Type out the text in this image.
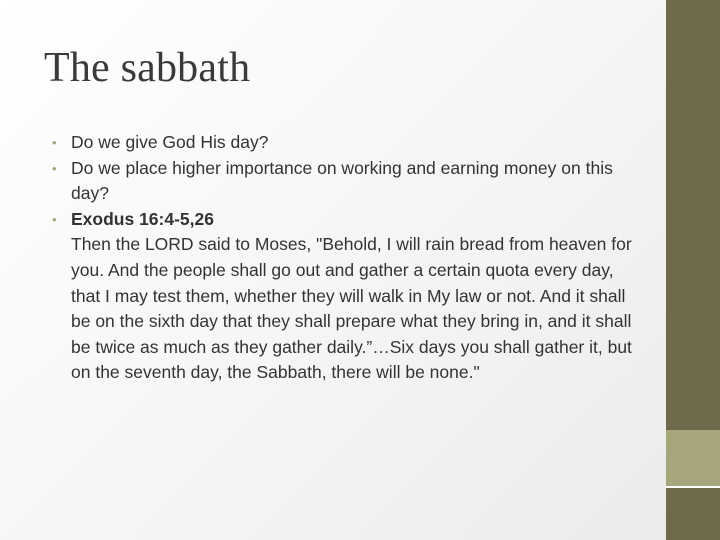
The sabbath
• Do we give God His day?
• Do we place higher importance on working and earning money on this day?
• Exodus 16:4-5,26
Then the LORD said to Moses, "Behold, I will rain bread from heaven for you. And the people shall go out and gather a certain quota every day, that I may test them, whether they will walk in My law or not. And it shall be on the sixth day that they shall prepare what they bring in, and it shall be twice as much as they gather daily.”…Six days you shall gather it, but on the seventh day, the Sabbath, there will be none."
